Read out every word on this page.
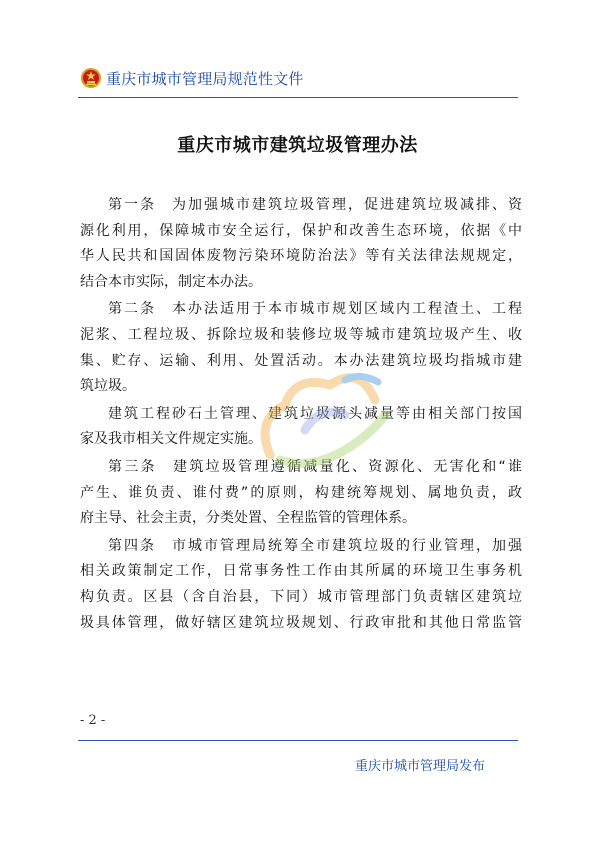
重庆市城市管理局规范性文件
重庆市城市建筑垃圾管理办法
第一条　为加强城市建筑垃圾管理，促进建筑垃圾减排、资
源化利用，保障城市安全运行，保护和改善生态环境，依据《中
华人民共和国固体废物污染环境防治法》等有关法律法规规定，
结合本市实际，制定本办法。
第二条　本办法适用于本市城市规划区域内工程渣土、工程
泥浆、工程垃圾、拆除垃圾和装修垃圾等城市建筑垃圾产生、收
集、贮存、运输、利用、处置活动。本办法建筑垃圾均指城市建
筑垃圾。
建筑工程砂石土管理、建筑垃圾源头减量等由相关部门按国
家及我市相关文件规定实施。
第三条　建筑垃圾管理遵循减量化、资源化、无害化和“谁
产生、谁负责、谁付费”的原则，构建统筹规划、属地负责，政
府主导、社会主责，分类处置、全程监管的管理体系。
第四条　市城市管理局统筹全市建筑垃圾的行业管理，加强
相关政策制定工作，日常事务性工作由其所属的环境卫生事务机
构负责。区县（含自治县，下同）城市管理部门负责辖区建筑垃
圾具体管理，做好辖区建筑垃圾规划、行政审批和其他日常监管
- 2 -
重庆市城市管理局发布
